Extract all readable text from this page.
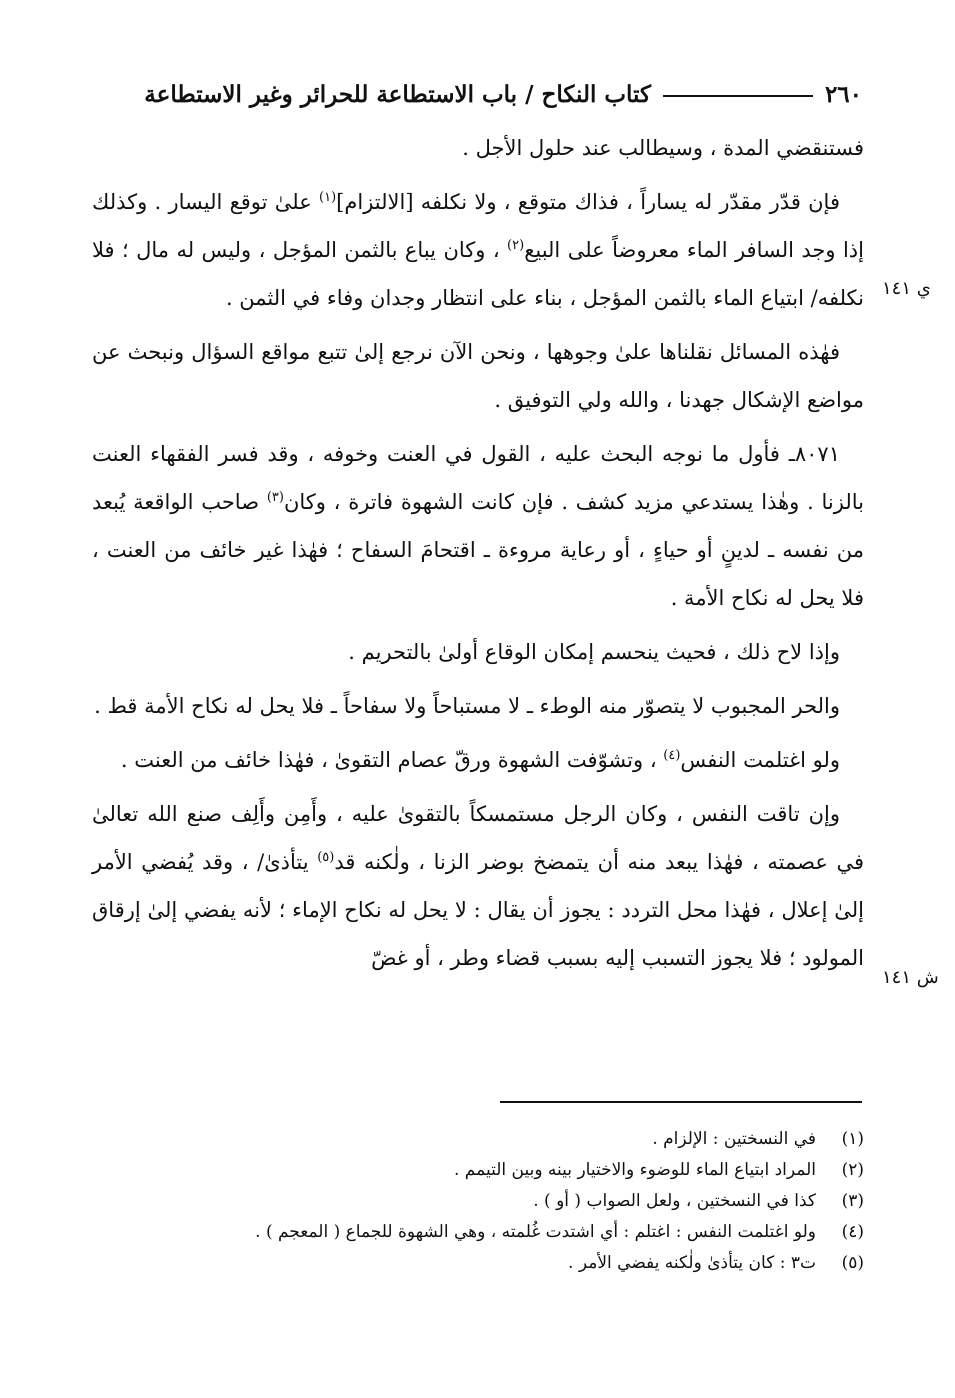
٢٦٠
كتاب النكاح / باب الاستطاعة للحرائر وغير الاستطاعة
ي ١٤١
ش ١٤١

فستنقضي المدة ، وسيطالب عند حلول الأجل .

فإن قدّر مقدّر له يساراً ، فذاك متوقع ، ولا نكلفه [الالتزام]$^{(١)}$ علىٰ توقع اليسار . وكذلك إذا وجد السافر الماء معروضاً على البيع$^{(٢)}$ ، وكان يباع بالثمن المؤجل ، وليس له مال ؛ فلا نكلفه/ ابتياع الماء بالثمن المؤجل ، بناء على انتظار وجدان وفاء في الثمن .

فهٰذه المسائل نقلناها علىٰ وجوهها ، ونحن الآن نرجع إلىٰ تتبع مواقع السؤال ونبحث عن مواضع الإشكال جهدنا ، والله ولي التوفيق .

٨٠٧١ـ فأول ما نوجه البحث عليه ، القول في العنت وخوفه ، وقد فسر الفقهاء العنت بالزنا . وهٰذا يستدعي مزيد كشف . فإن كانت الشهوة فاترة ، وكان$^{(٣)}$ صاحب الواقعة يُبعد من نفسه ـ لدينٍ أو حياءٍ ، أو رعاية مروءة ـ اقتحامَ السفاح ؛ فهٰذا غير خائف من العنت ، فلا يحل له نكاح الأمة .

وإذا لاح ذلك ، فحيث ينحسم إمكان الوقاع أولىٰ بالتحريم .

والحر المجبوب لا يتصوّر منه الوطء ـ لا مستباحاً ولا سفاحاً ـ فلا يحل له نكاح الأمة قط .

ولو اغتلمت النفس$^{(٤)}$ ، وتشوّفت الشهوة ورقّ عصام التقوىٰ ، فهٰذا خائف من العنت .

وإن تاقت النفس ، وكان الرجل مستمسكاً بالتقوىٰ عليه ، وأَمِن وأَلِف صنع الله تعالىٰ في عصمته ، فهٰذا يبعد منه أن يتمضخ بوضر الزنا ، ولٰكنه قد$^{(٥)}$ يتأذىٰ/ ، وقد يُفضي الأمر إلىٰ إعلال ، فهٰذا محل التردد : يجوز أن يقال : لا يحل له نكاح الإماء ؛ لأنه يفضي إلىٰ إرقاق المولود ؛ فلا يجوز التسبب إليه بسبب قضاء وطر ، أو غضّ

(١)
في النسختين : الإلزام .
(٢)
المراد ابتياع الماء للوضوء والاختيار بينه وبين التيمم .
(٣)
كذا في النسختين ، ولعل الصواب ( أو ) .
(٤)
ولو اغتلمت النفس : اغتلم : أي اشتدت غُلمته ، وهي الشهوة للجماع ( المعجم ) .
(٥)
ت٣ : كان يتأذىٰ ولٰكنه يفضي الأمر .
